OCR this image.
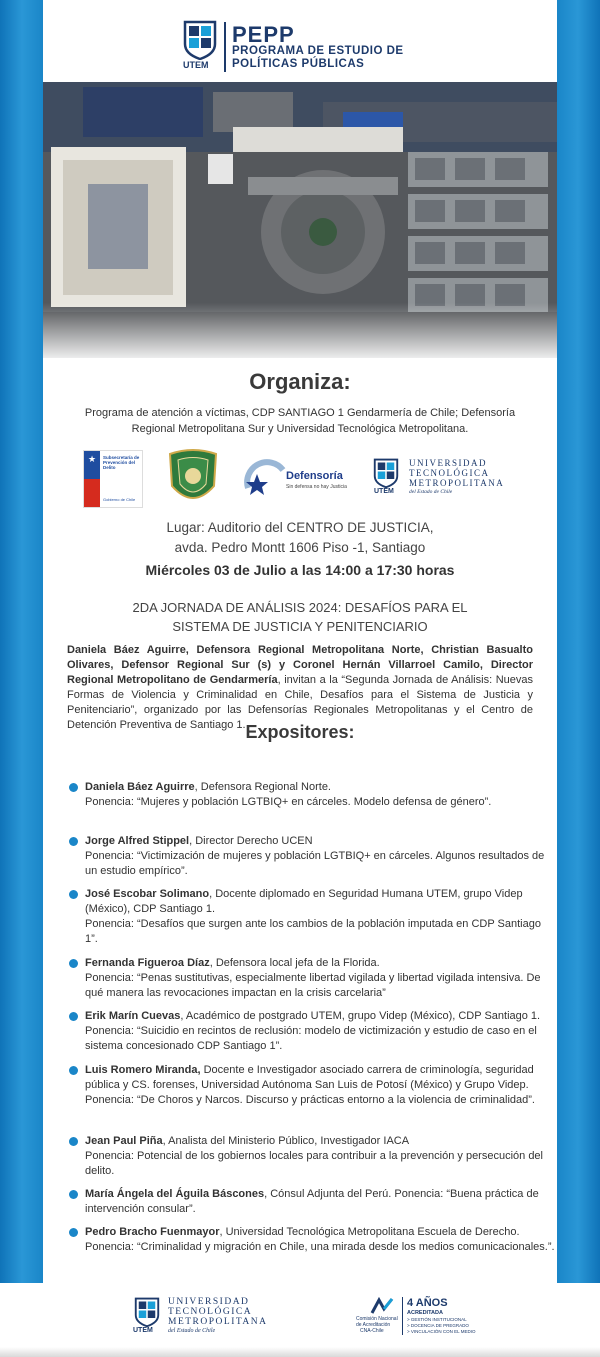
UTEM
PEPP
PROGRAMA DE ESTUDIO DE
POLÍTICAS PÚBLICAS
Organiza:
Programa de atención a víctimas, CDP SANTIAGO 1 Gendarmería de Chile; Defensoría Regional Metropolitana Sur y Universidad Tecnológica Metropolitana.
★	Subsecretaría de Prevención del Delito
Gobierno de Chile
Defensoría
Sin defensa no hay Justicia
UTEM
UNIVERSIDAD
TECNOLÓGICA
METROPOLITANA
del Estado de Chile
Lugar: Auditorio del CENTRO DE JUSTICIA,
avda. Pedro Montt 1606 Piso -1, Santiago
Miércoles 03 de Julio a las 14:00 a 17:30 horas
2DA JORNADA DE ANÁLISIS 2024: DESAFÍOS PARA EL
SISTEMA DE JUSTICIA Y PENITENCIARIO
Daniela Báez Aguirre, Defensora Regional Metropolitana Norte, Christian Basualto Olivares, Defensor Regional Sur (s) y Coronel Hernán Villarroel Camilo, Director Regional Metropolitano de Gendarmería, invitan a la “Segunda Jornada de Análisis: Nuevas Formas de Violencia y Criminalidad en Chile, Desafíos para el Sistema de Justicia y Penitenciario”, organizado por las Defensorías Regionales Metropolitanas y el Centro de Detención Preventiva de Santiago 1. Expositores:
Daniela Báez Aguirre, Defensora Regional Norte.
Ponencia: “Mujeres y población LGTBIQ+ en cárceles. Modelo defensa de género”.
Jorge Alfred Stippel, Director Derecho UCEN
Ponencia: “Victimización de mujeres y población LGTBIQ+ en cárceles. Algunos resultados de un estudio empírico”.
José Escobar Solimano, Docente diplomado en Seguridad Humana UTEM, grupo Videp (México), CDP Santiago 1.
Ponencia: “Desafíos que surgen ante los cambios de la población imputada en CDP Santiago 1”.
Fernanda Figueroa Díaz, Defensora local jefa de la Florida.
Ponencia: “Penas sustitutivas, especialmente libertad vigilada y libertad vigilada intensiva. De qué manera las revocaciones impactan en la crisis carcelaria”
Erik Marín Cuevas, Académico de postgrado UTEM, grupo Videp (México), CDP Santiago 1. Ponencia: “Suicidio en recintos de reclusión: modelo de victimización y estudio de caso en el sistema concesionado CDP Santiago 1”.
Luis Romero Miranda, Docente e Investigador asociado carrera de criminología, seguridad pública y CS. forenses, Universidad Autónoma San Luis de Potosí (México) y Grupo Videp. Ponencia: “De Choros y Narcos. Discurso y prácticas entorno a la violencia de criminalidad”.
Jean Paul Piña, Analista del Ministerio Público, Investigador IACA
Ponencia: Potencial de los gobiernos locales para contribuir a la prevención y persecución del delito.
María Ángela del Águila Báscones, Cónsul Adjunta del Perú. Ponencia: “Buena práctica de intervención consular”.
Pedro Bracho Fuenmayor, Universidad Tecnológica Metropolitana Escuela de Derecho. Ponencia: “Criminalidad y migración en Chile, una mirada desde los medios comunicacionales.”.
UTEM
UNIVERSIDAD
TECNOLÓGICA
METROPOLITANA
del Estado de Chile
Comisión Nacional
de Acreditación
CNA-Chile
4 AÑOS
ACREDITADA
> GESTIÓN INSTITUCIONAL
> DOCENCIA DE PREGRADO
> VINCULACIÓN CON EL MEDIO
